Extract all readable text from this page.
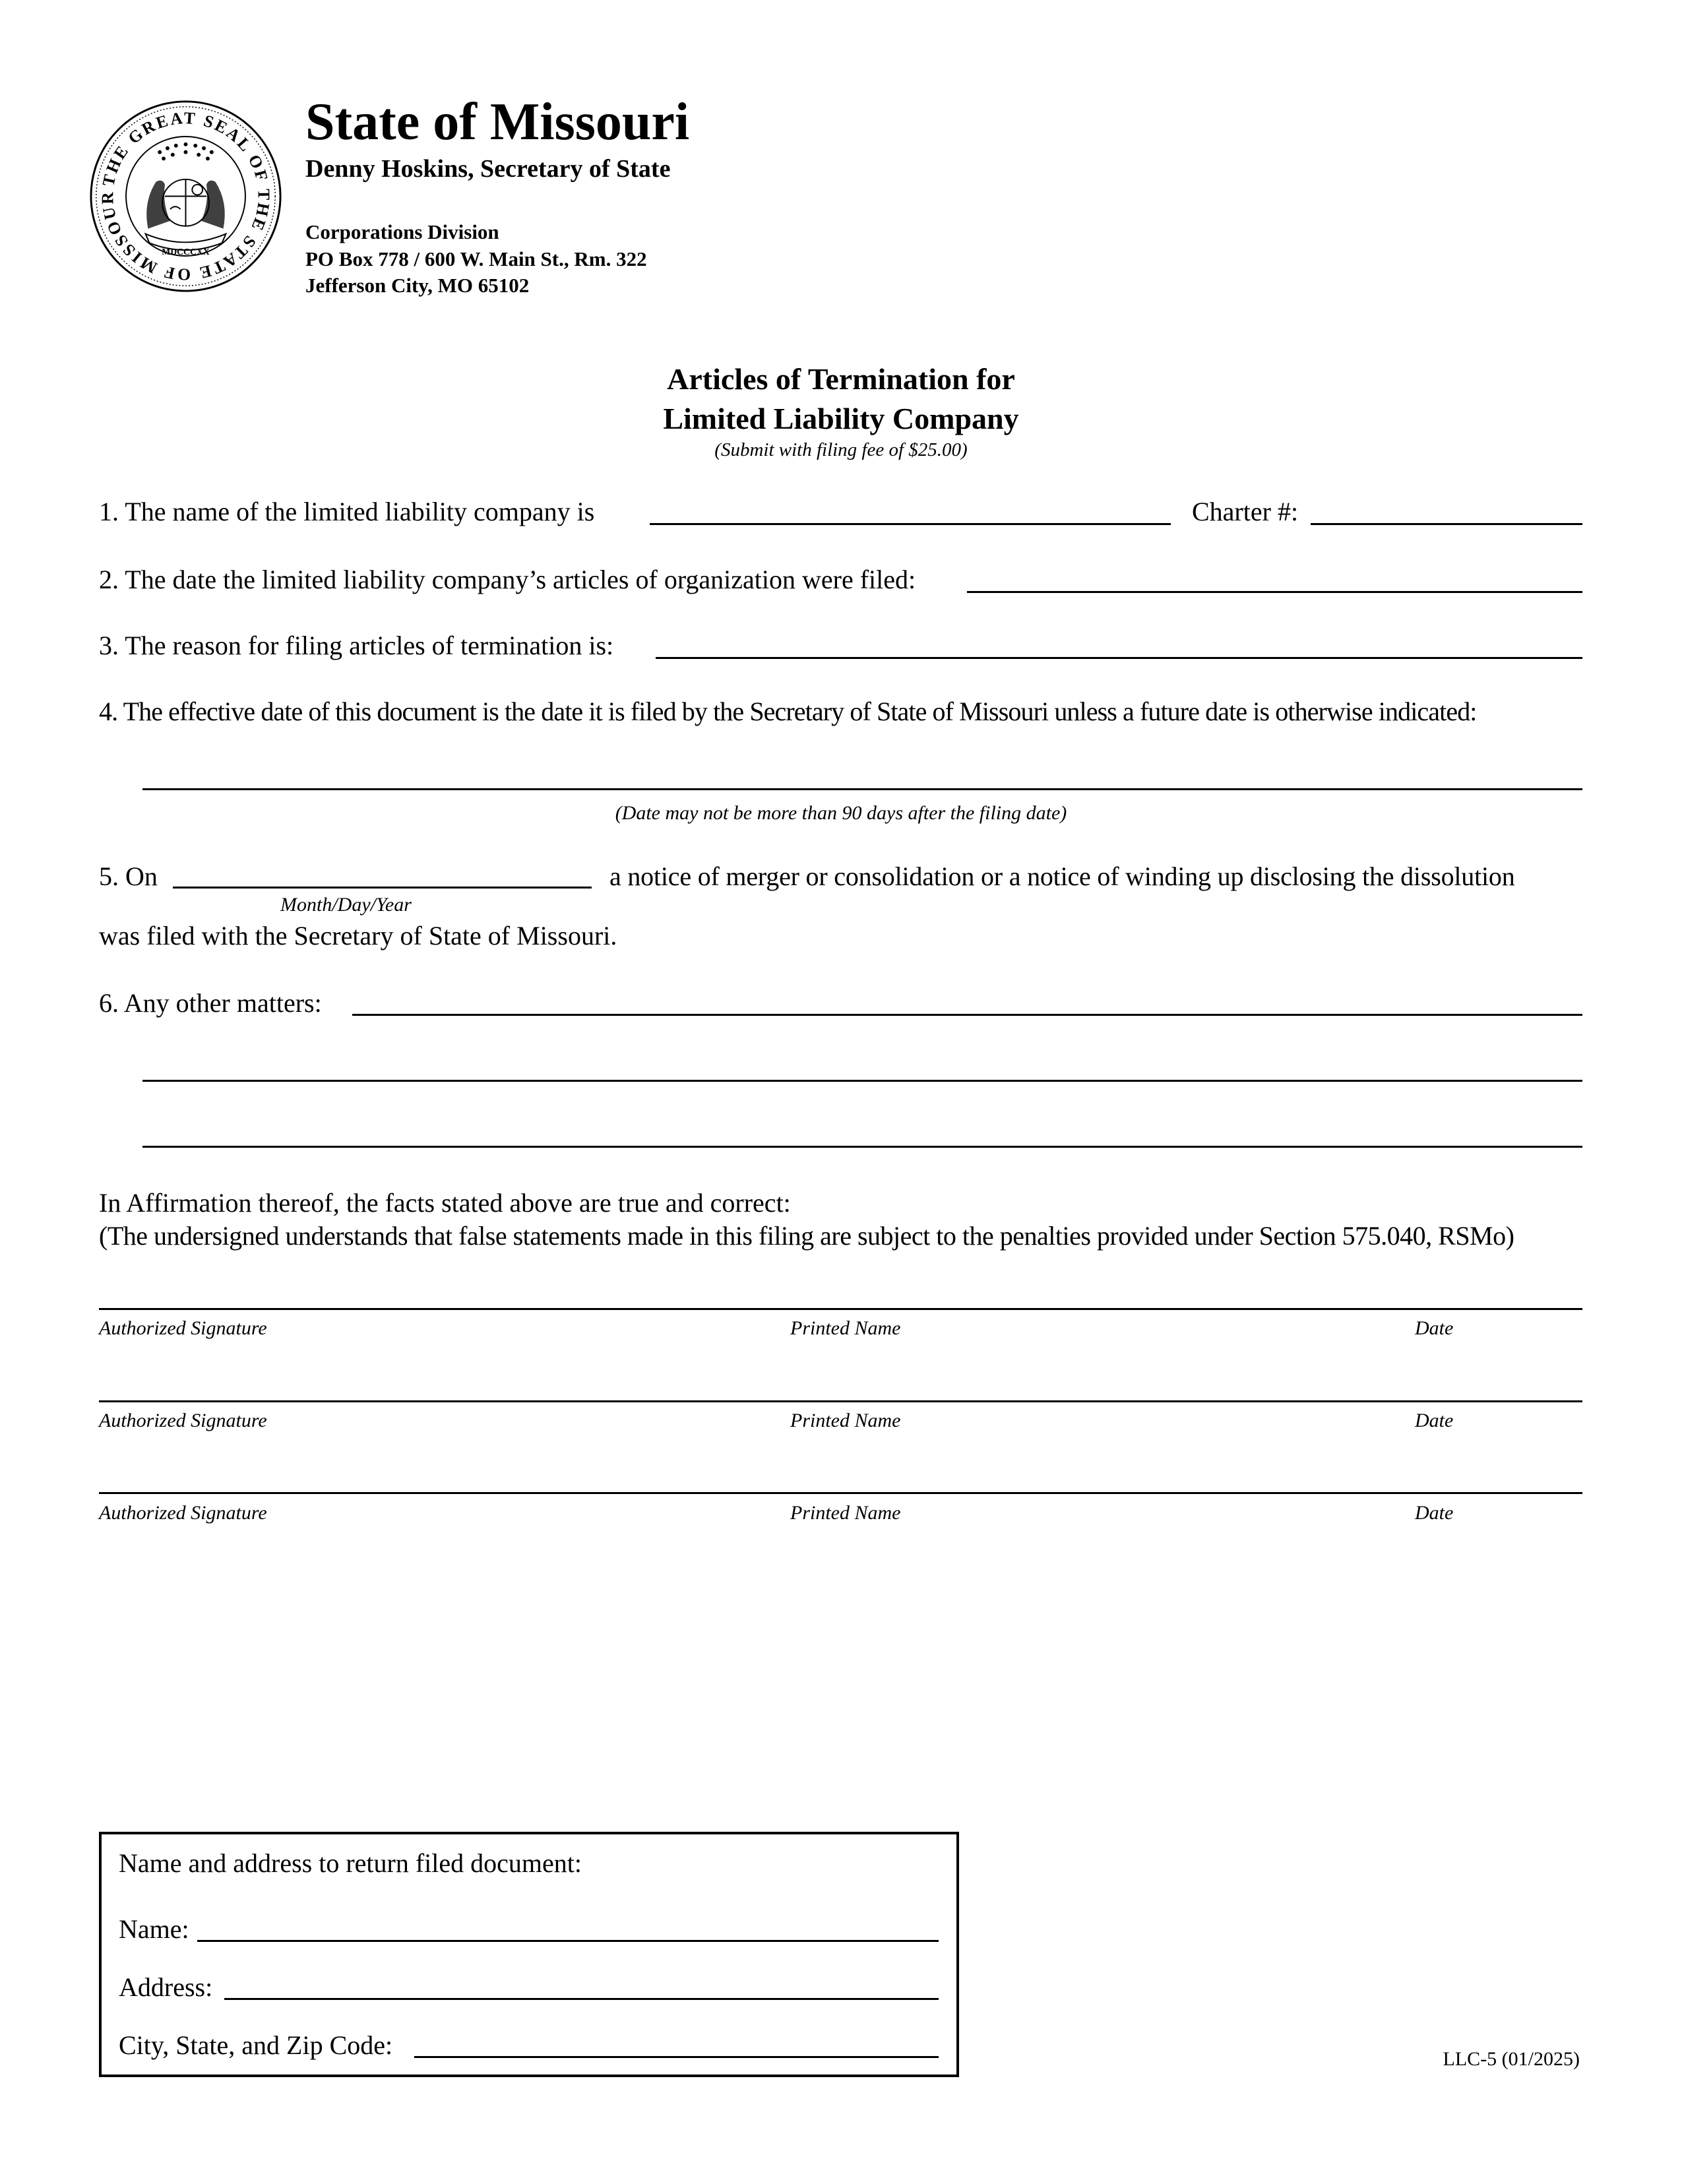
THE GREAT SEAL OF THE STATE OF MISSOUR
MDCCCXX
State of Missouri
Denny Hoskins, Secretary of State
Corporations Division
PO Box 778 / 600 W. Main St., Rm. 322
Jefferson City, MO 65102
Articles of Termination for
Limited Liability Company
(Submit with filing fee of $25.00)
1. The name of the limited liability company is	Charter #:
2. The date the limited liability company’s articles of organization were filed:
3. The reason for filing articles of termination is:
4. The effective date of this document is the date it is filed by the Secretary of State of Missouri unless a future date is otherwise indicated:
(Date may not be more than 90 days after the filing date)
5. On	a notice of merger or consolidation or a notice of winding up disclosing the dissolution
Month/Day/Year
was filed with the Secretary of State of Missouri.
6. Any other matters:
In Affirmation thereof, the facts stated above are true and correct:
(The undersigned understands that false statements made in this filing are subject to the penalties provided under Section 575.040, RSMo)
Authorized Signature	Printed Name	Date
Authorized Signature	Printed Name	Date
Authorized Signature	Printed Name	Date
Name and address to return filed document:
Name:
Address:
City, State, and Zip Code:	LLC-5 (01/2025)
